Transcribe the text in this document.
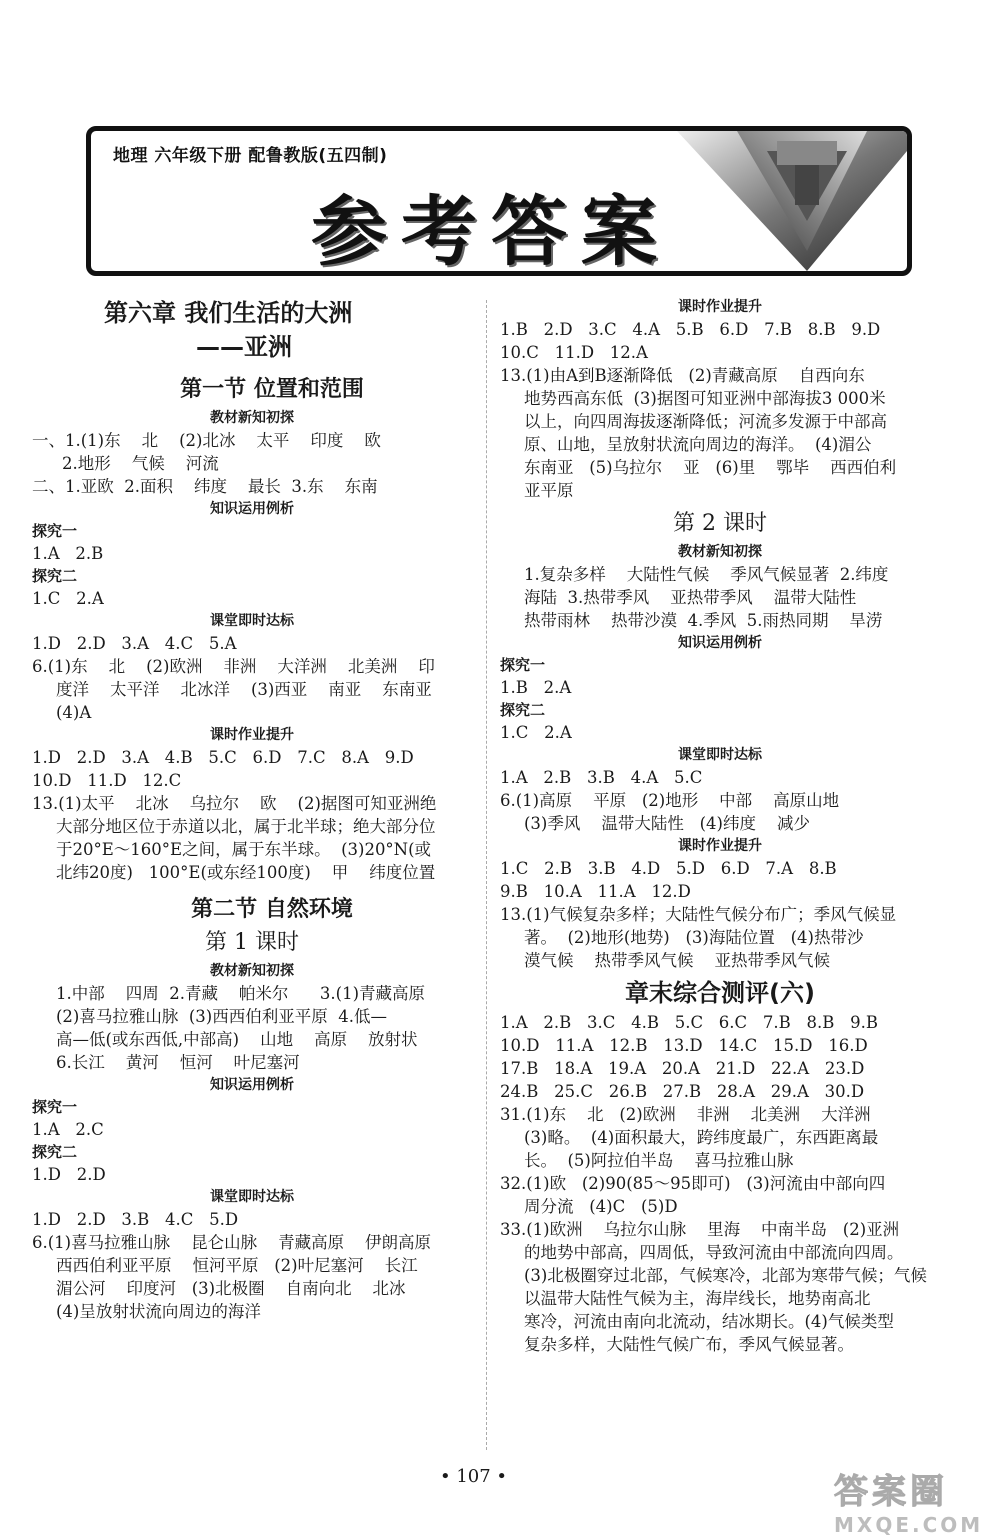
地理 六年级下册 配鲁教版(五四制)
参考答案
第六章 我们生活的大洲
——亚洲
第一节 位置和范围
教材新知初探
一、1.(1)东    北    (2)北冰    太平    印度    欧
2.地形    气候    河流
二、1.亚欧  2.面积    纬度    最长  3.东    东南
知识运用例析
探究一
1.A   2.B
探究二
1.C   2.A
课堂即时达标
1.D   2.D   3.A   4.C   5.A
6.(1)东    北    (2)欧洲    非洲    大洋洲    北美洲    印
度洋    太平洋    北冰洋    (3)西亚    南亚    东南亚
(4)A
课时作业提升
1.D   2.D   3.A   4.B   5.C   6.D   7.C   8.A   9.D
10.D   11.D   12.C
13.(1)太平    北冰    乌拉尔    欧    (2)据图可知亚洲绝
大部分地区位于赤道以北，属于北半球；绝大部分位
于20°E～160°E之间，属于东半球。  (3)20°N(或
北纬20度)   100°E(或东经100度)    甲    纬度位置
第二节 自然环境
第 1 课时
教材新知初探
1.中部    四周  2.青藏    帕米尔      3.(1)青藏高原
(2)喜马拉雅山脉  (3)西西伯利亚平原  4.低—
高—低(或东西低,中部高)    山地    高原    放射状
6.长江    黄河    恒河    叶尼塞河
知识运用例析
探究一
1.A   2.C
探究二
1.D   2.D
课堂即时达标
1.D   2.D   3.B   4.C   5.D
6.(1)喜马拉雅山脉    昆仑山脉    青藏高原    伊朗高原
西西伯利亚平原    恒河平原   (2)叶尼塞河    长江
湄公河    印度河   (3)北极圈    自南向北    北冰
(4)呈放射状流向周边的海洋
课时作业提升
1.B   2.D   3.C   4.A   5.B   6.D   7.B   8.B   9.D
10.C   11.D   12.A
13.(1)由A到B逐渐降低   (2)青藏高原    自西向东
地势西高东低  (3)据图可知亚洲中部海拔3 000米
以上，向四周海拔逐渐降低；河流多发源于中部高
原、山地，呈放射状流向周边的海洋。  (4)湄公
东南亚   (5)乌拉尔    亚   (6)里    鄂毕    西西伯利
亚平原
第 2 课时
教材新知初探
1.复杂多样    大陆性气候    季风气候显著  2.纬度
海陆  3.热带季风    亚热带季风    温带大陆性
热带雨林    热带沙漠  4.季风  5.雨热同期    旱涝
知识运用例析
探究一
1.B   2.A
探究二
1.C   2.A
课堂即时达标
1.A   2.B   3.B   4.A   5.C
6.(1)高原    平原   (2)地形    中部    高原山地
(3)季风    温带大陆性   (4)纬度    减少
课时作业提升
1.C   2.B   3.B   4.D   5.D   6.D   7.A   8.B
9.B   10.A   11.A   12.D
13.(1)气候复杂多样；大陆性气候分布广；季风气候显
著。  (2)地形(地势)   (3)海陆位置   (4)热带沙
漠气候    热带季风气候    亚热带季风气候
章末综合测评(六)
1.A   2.B   3.C   4.B   5.C   6.C   7.B   8.B   9.B
10.D   11.A   12.B   13.D   14.C   15.D   16.D
17.B   18.A   19.A   20.A   21.D   22.A   23.D
24.B   25.C   26.B   27.B   28.A   29.A   30.D
31.(1)东    北   (2)欧洲    非洲    北美洲    大洋洲
(3)略。  (4)面积最大，跨纬度最广，东西距离最
长。  (5)阿拉伯半岛    喜马拉雅山脉
32.(1)欧   (2)90(85～95即可)   (3)河流由中部向四
周分流   (4)C   (5)D
33.(1)欧洲    乌拉尔山脉    里海    中南半岛   (2)亚洲
的地势中部高，四周低，导致河流由中部流向四周。
(3)北极圈穿过北部，气候寒冷，北部为寒带气候；气候
以温带大陆性气候为主，海岸线长，地势南高北
寒冷，河流由南向北流动，结冰期长。(4)气候类型
复杂多样，大陆性气候广布，季风气候显著。
• 107 •	答案圈
MXQE.COM
